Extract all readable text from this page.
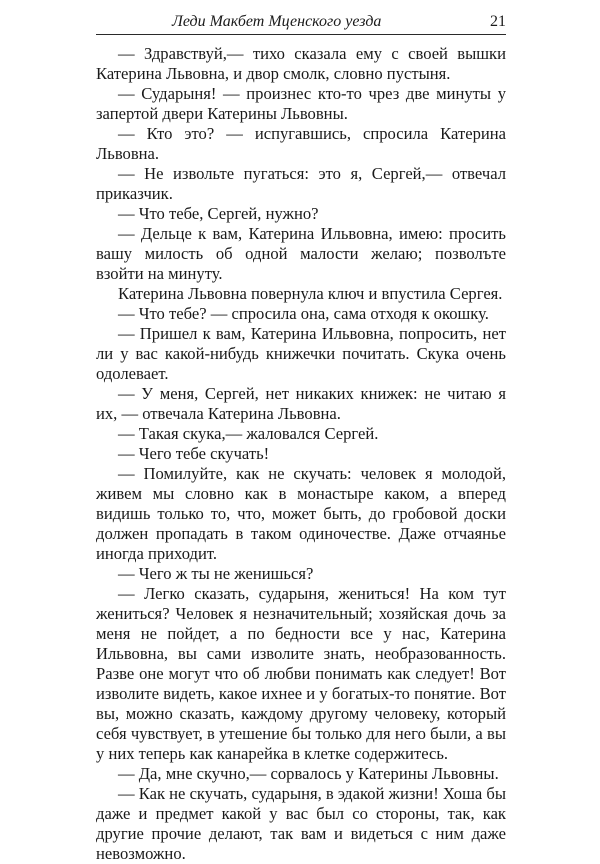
Леди Макбет Мценского уезда	21

— Здравствуй,— тихо сказала ему с своей вышки Катерина Львовна, и двор смолк, словно пустыня.

— Сударыня! — произнес кто-то чрез две минуты у запертой двери Катерины Львовны.

— Кто это? — испугавшись, спросила Катерина Львовна.

— Не извольте пугаться: это я, Сергей,— отвечал приказчик.

— Что тебе, Сергей, нужно?

— Дельце к вам, Катерина Ильвовна, имею: просить вашу милость об одной малости желаю; позволъте взойти на минуту.

Катерина Львовна повернула ключ и впустила Сергея.

— Что тебе? — спросила она, сама отходя к окошку.

— Пришел к вам, Катерина Ильвовна, попросить, нет ли у вас какой-нибудь книжечки почитать. Скука очень одолевает.

— У меня, Сергей, нет никаких книжек: не читаю я их, — отвечала Катерина Львовна.

— Такая скука,— жаловался Сергей.

— Чего тебе скучать!

— Помилуйте, как не скучать: человек я молодой, живем мы словно как в монастыре каком, а вперед видишь только то, что, может быть, до гробовой доски должен пропадать в таком одиночестве. Даже отчаянье иногда приходит.

— Чего ж ты не женишься?

— Легко сказать, сударыня, жениться! На ком тут жениться? Человек я незначительный; хозяйская дочь за меня не пойдет, а по бедности все у нас, Катерина Ильвовна, вы сами изволите знать, необразованность. Разве оне могут что об любви понимать как следует! Вот изволите видеть, какое ихнее и у богатых-то понятие. Вот вы, можно сказать, каждому другому человеку, который себя чувствует, в утешение бы только для него были, а вы у них теперь как канарейка в клетке содержитесь.

— Да, мне скучно,— сорвалось у Катерины Львовны.

— Как не скучать, сударыня, в эдакой жизни! Хоша бы даже и предмет какой у вас был со стороны, так, как другие прочие делают, так вам и видеться с ним даже невозможно.
